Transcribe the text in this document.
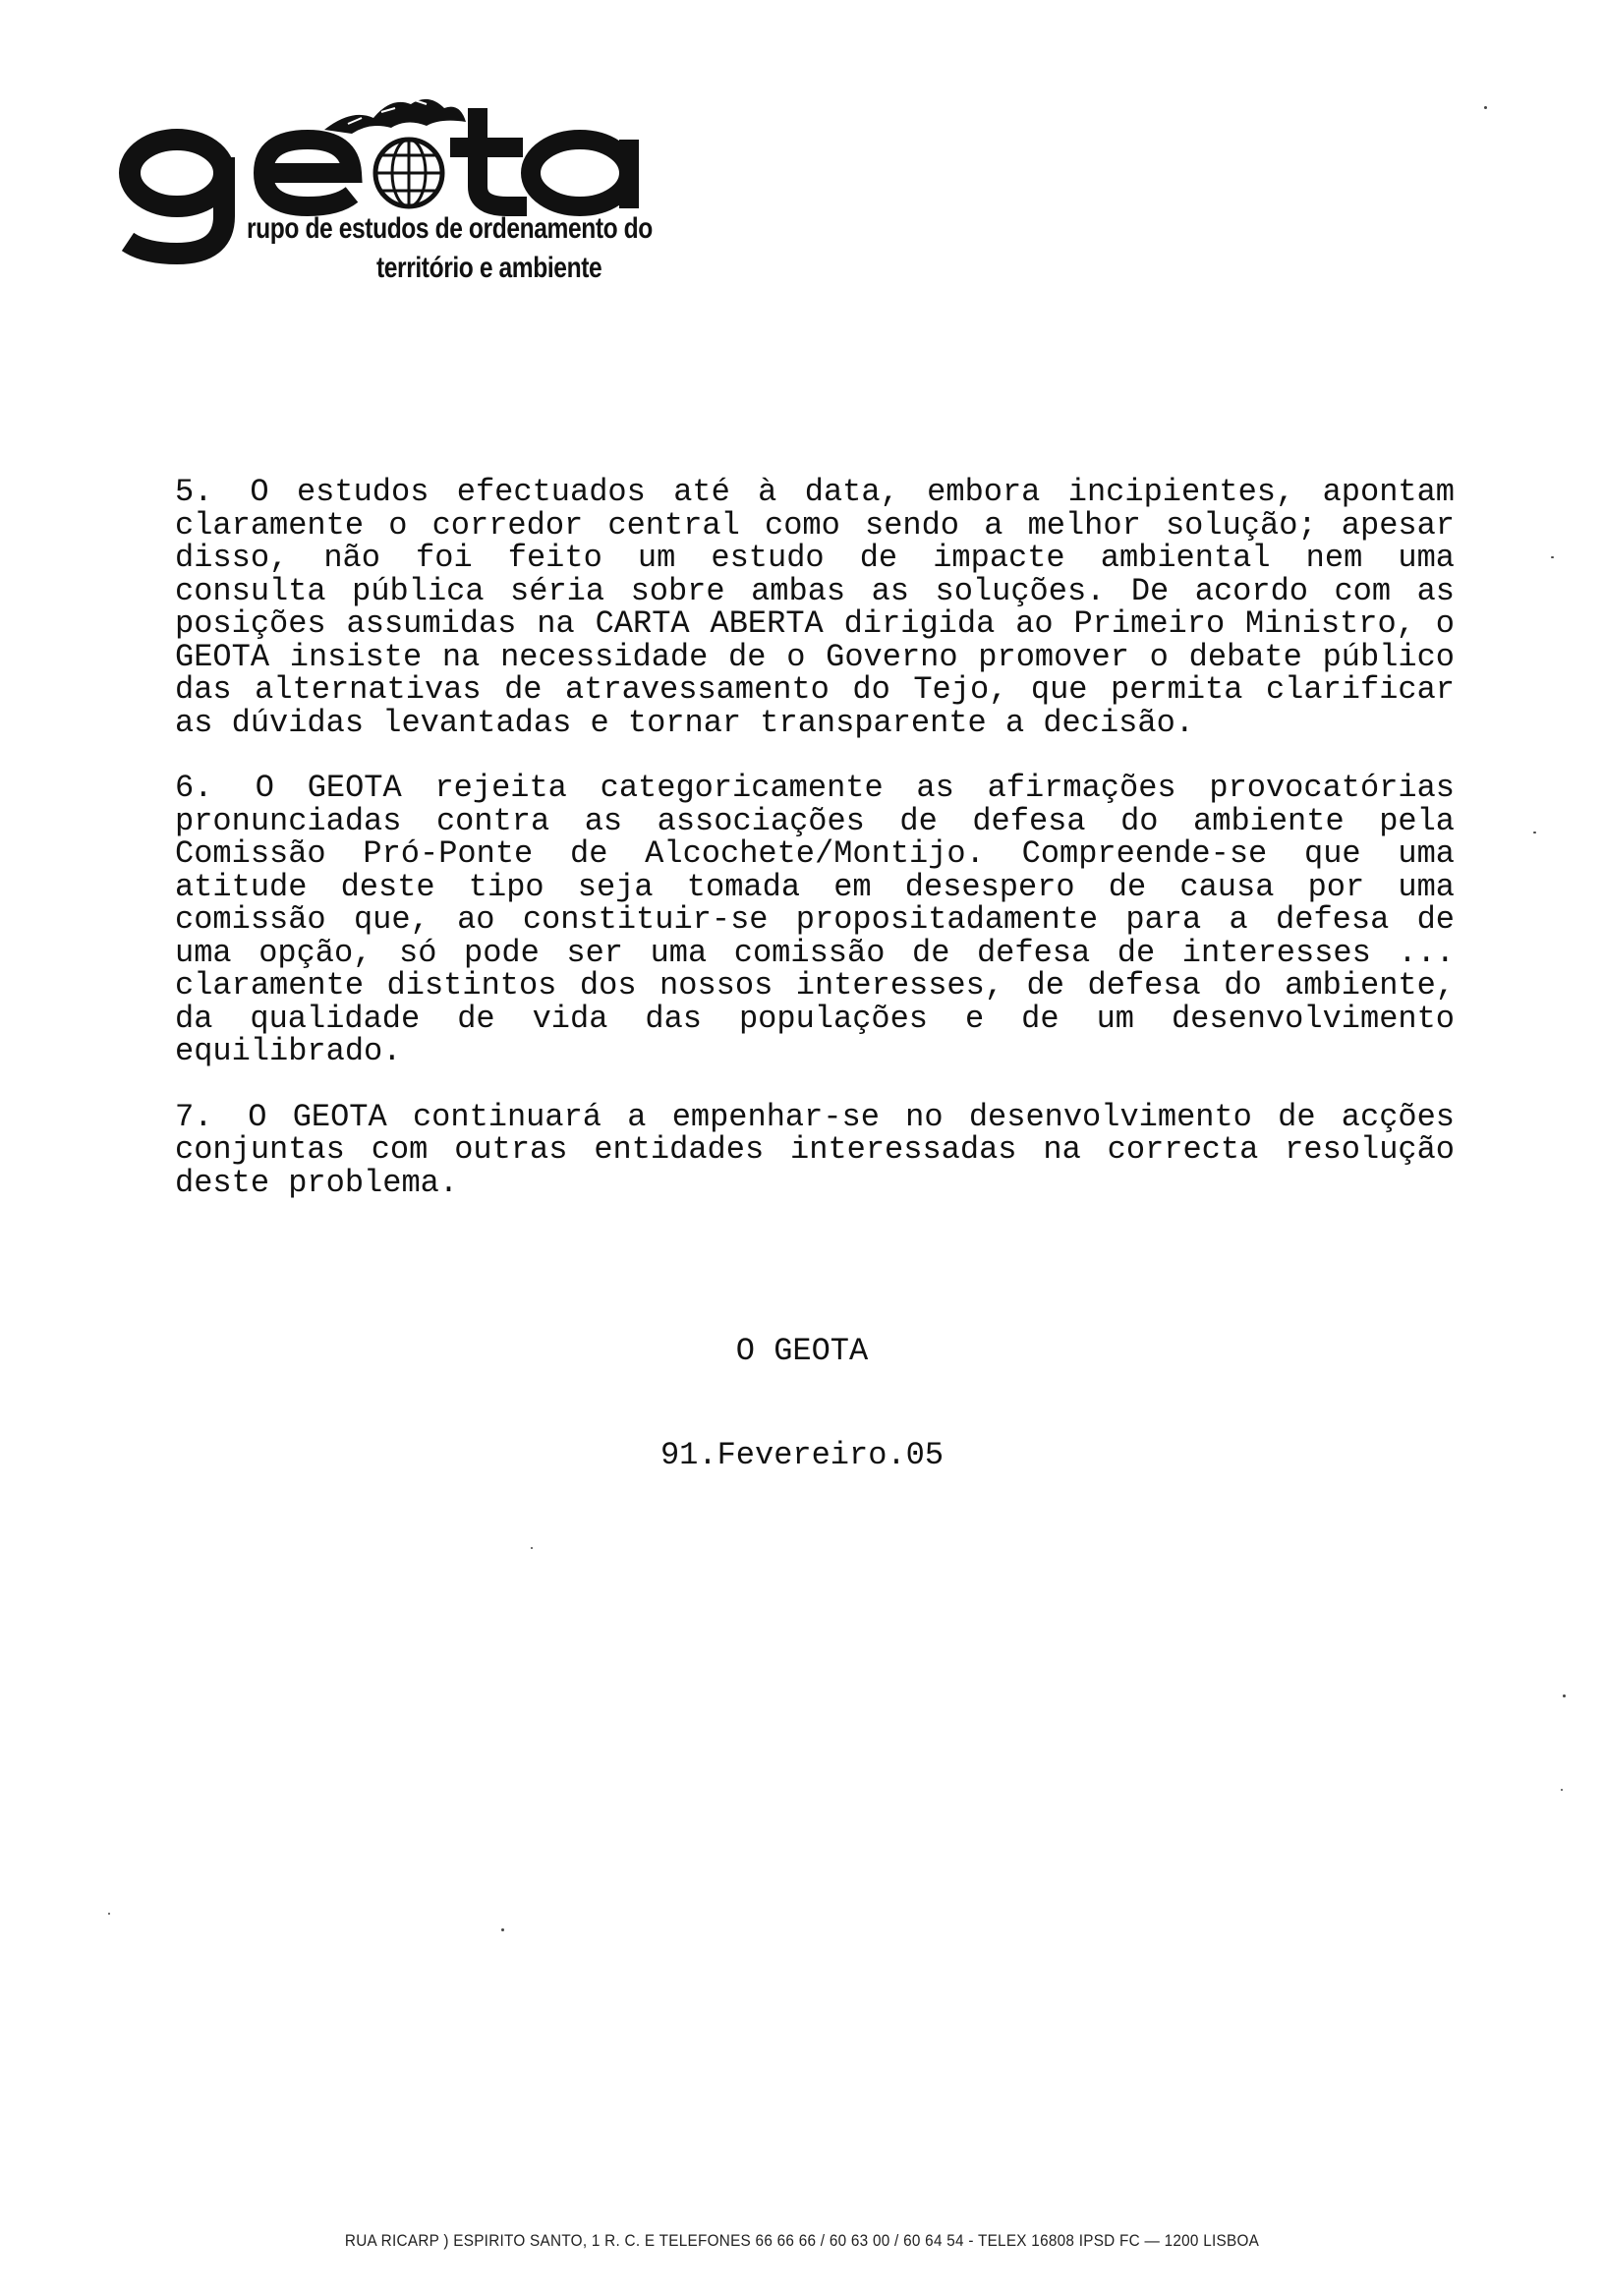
rupo de estudos de ordenamento do
território e ambiente

5. O estudos efectuados até à data, embora incipientes, apontam claramente o corredor central como sendo a melhor solução; apesar disso, não foi feito um estudo de impacte ambiental nem uma consulta pública séria sobre ambas as soluções. De acordo com as posições assumidas na CARTA ABERTA dirigida ao Primeiro Ministro, o GEOTA insiste na necessidade de o Governo promover o debate público das alternativas de atravessamento do Tejo, que permita clarificar as dúvidas levantadas e tornar transparente a decisão.

6. O GEOTA rejeita categoricamente as afirmações provocatórias pronunciadas contra as associações de defesa do ambiente pela Comissão Pró-Ponte de Alcochete/Montijo. Compreende-se que uma atitude deste tipo seja tomada em desespero de causa por uma comissão que, ao constituir-se propositadamente para a defesa de uma opção, só pode ser uma comissão de defesa de interesses ... claramente distintos dos nossos interesses, de defesa do ambiente, da qualidade de vida das populações e de um desenvolvimento equilibrado.

7. O GEOTA continuará a empenhar-se no desenvolvimento de acções conjuntas com outras entidades interessadas na correcta resolução deste problema.

O GEOTA
91.Fevereiro.05
RUA RICARP ) ESPIRITO SANTO, 1 R. C. E TELEFONES 66 66 66 / 60 63 00 / 60 64 54 - TELEX 16808 IPSD FC — 1200 LISBOA
